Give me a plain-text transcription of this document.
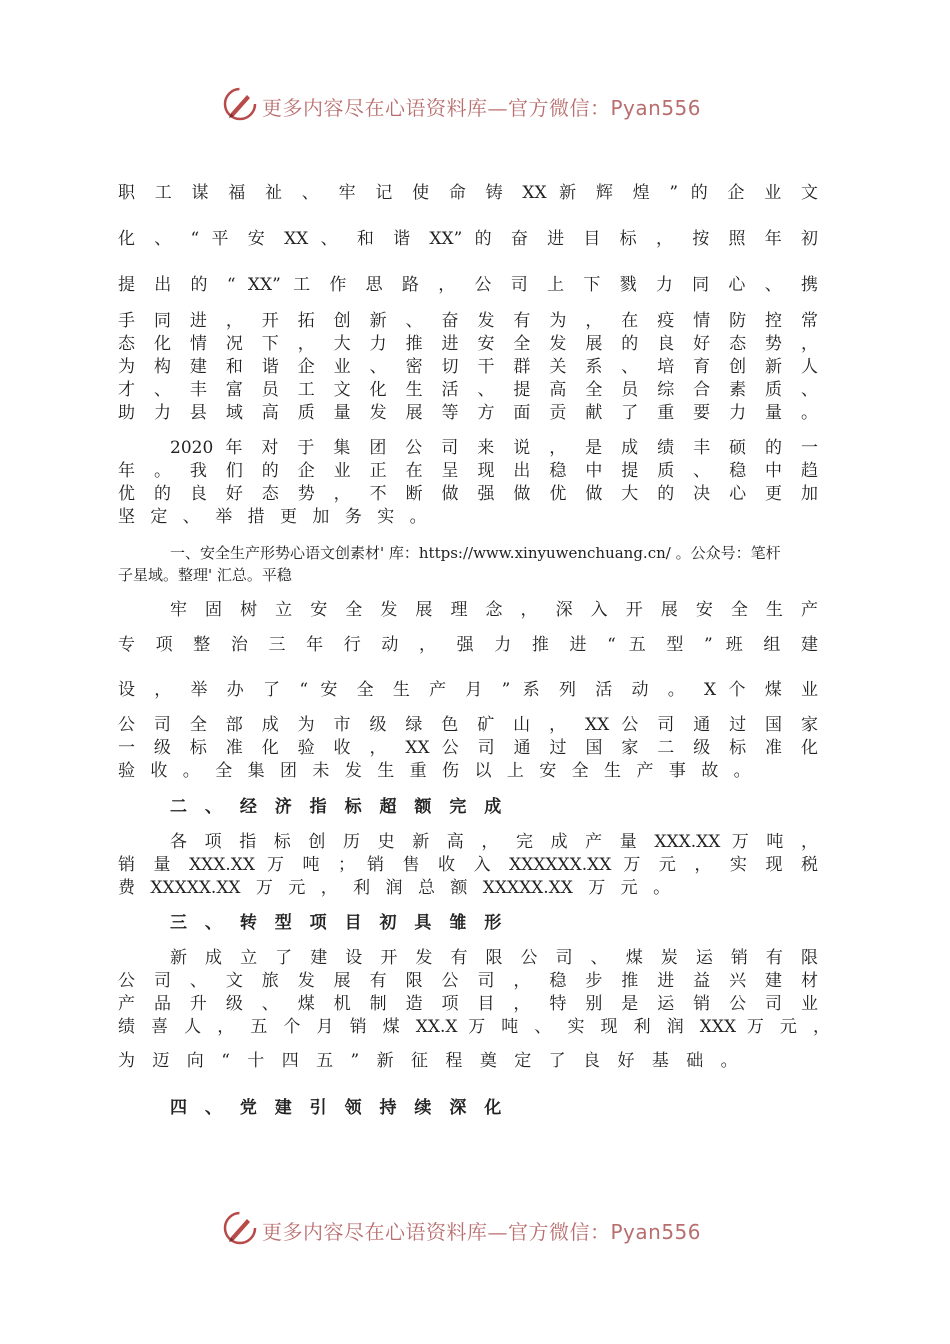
更多内容尽在心语资料库—官方微信：Pyan556
职 工 谋 福 祉 、 牢 记 使 命 铸 XX 新 辉 煌 ” 的 企 业 文
化 、 “ 平 安 XX 、 和 谐 XX” 的 奋 进 目 标 ， 按 照 年 初
提 出 的 “ XX” 工 作 思 路 ， 公 司 上 下 戮 力 同 心 、 携
手 同 进 ， 开 拓 创 新 、 奋 发 有 为 ， 在 疫 情 防 控 常
态 化 情 况 下 ， 大 力 推 进 安 全 发 展 的 良 好 态 势 ，
为 构 建 和 谐 企 业 、 密 切 干 群 关 系 、 培 育 创 新 人
才 、 丰 富 员 工 文 化 生 活 、 提 高 全 员 综 合 素 质 、
助 力 县 域 高 质 量 发 展 等 方 面 贡 献 了 重 要 力 量 。
2020 年 对 于 集 团 公 司 来 说 ， 是 成 绩 丰 硕 的 一
年 。 我 们 的 企 业 正 在 呈 现 出 稳 中 提 质 、 稳 中 趋
优 的 良 好 态 势 ， 不 断 做 强 做 优 做 大 的 决 心 更 加
坚 定 、 举 措 更 加 务 实 。
一、安全生产形势心语文创素材' 库：https://www.xinyuwenchuang.cn/ 。公众号：笔杆
子星域。整理' 汇总。平稳
牢 固 树 立 安 全 发 展 理 念 ， 深 入 开 展 安 全 生 产
专 项 整 治 三 年 行 动 ， 强 力 推 进 “ 五 型 ” 班 组 建
设 ， 举 办 了 “ 安 全 生 产 月 ” 系 列 活 动 。 X 个 煤 业
公 司 全 部 成 为 市 级 绿 色 矿 山 ， XX 公 司 通 过 国 家
一 级 标 准 化 验 收 ， XX 公 司 通 过 国 家 二 级 标 准 化
验 收 。 全 集 团 未 发 生 重 伤 以 上 安 全 生 产 事 故 。
二 、 经 济 指 标 超 额 完 成
各 项 指 标 创 历 史 新 高 ， 完 成 产 量 XXX.XX 万 吨 ，
销 量 XXX.XX 万 吨 ； 销 售 收 入 XXXXXX.XX 万 元 ， 实 现 税
费 XXXXX.XX 万 元 ， 利 润 总 额 XXXXX.XX 万 元 。
三 、 转 型 项 目 初 具 雏 形
新 成 立 了 建 设 开 发 有 限 公 司 、 煤 炭 运 销 有 限
公 司 、 文 旅 发 展 有 限 公 司 ， 稳 步 推 进 益 兴 建 材
产 品 升 级 、 煤 机 制 造 项 目 ， 特 别 是 运 销 公 司 业
绩 喜 人 ， 五 个 月 销 煤 XX.X 万 吨 、 实 现 利 润 XXX 万 元 ，
为 迈 向 “ 十 四 五 ” 新 征 程 奠 定 了 良 好 基 础 。
四 、 党 建 引 领 持 续 深 化
更多内容尽在心语资料库—官方微信：Pyan556
